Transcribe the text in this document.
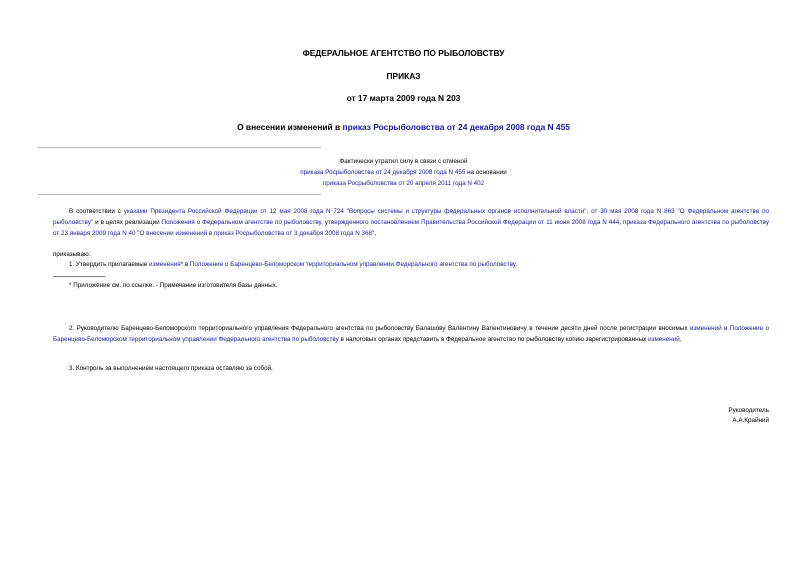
ФЕДЕРАЛЬНОЕ АГЕНТСТВО ПО РЫБОЛОВСТВУ
ПРИКАЗ
от 17 марта 2009 года N 203
О внесении изменений в приказ Росрыболовства от 24 декабря 2008 года N 455
Фактически утратил силу в связи с отменой
приказа Росрыболовства от 24 декабря 2008 года N 455 на основании
приказа Росрыболовства от 20 апреля 2011 года N 402
В соответствии с указами Президента Российской Федерации от 12 мая 2008 года N 724 "Вопросы системы и структуры федеральных органов исполнительной власти", от 30 мая 2008 года N 863 "О Федеральном агентстве по рыболовству" и в целях реализации Положения о Федеральном агентстве по рыболовству, утвержденного постановлением Правительства Российской Федерации от 11 июня 2008 года N 444, приказа Федерального агентства по рыболовству от 23 января 2009 года N 40 "О внесении изменений в приказ Росрыболовства от 3 декабря 2008 года N 368",
приказываю:
1. Утвердить прилагаемые изменения* в Положение о Баренцево-Беломорском территориальном управлении Федерального агентства по рыболовству.
* Приложение см. по ссылке. - Примечание изготовителя базы данных.
2. Руководителю Баренцево-Беломорского территориального управления Федерального агентства по рыболовству Балашову Валентину Валентиновичу в течение десяти дней после регистрации вносимых изменений в Положение о Баренцево-Беломорском территориальном управлении Федерального агентства по рыболовству в налоговых органах представить в Федеральное агентство по рыболовству копию зарегистрированных изменений.
3. Контроль за выполнением настоящего приказа оставляю за собой.
Руководитель
А.А.Крайний
